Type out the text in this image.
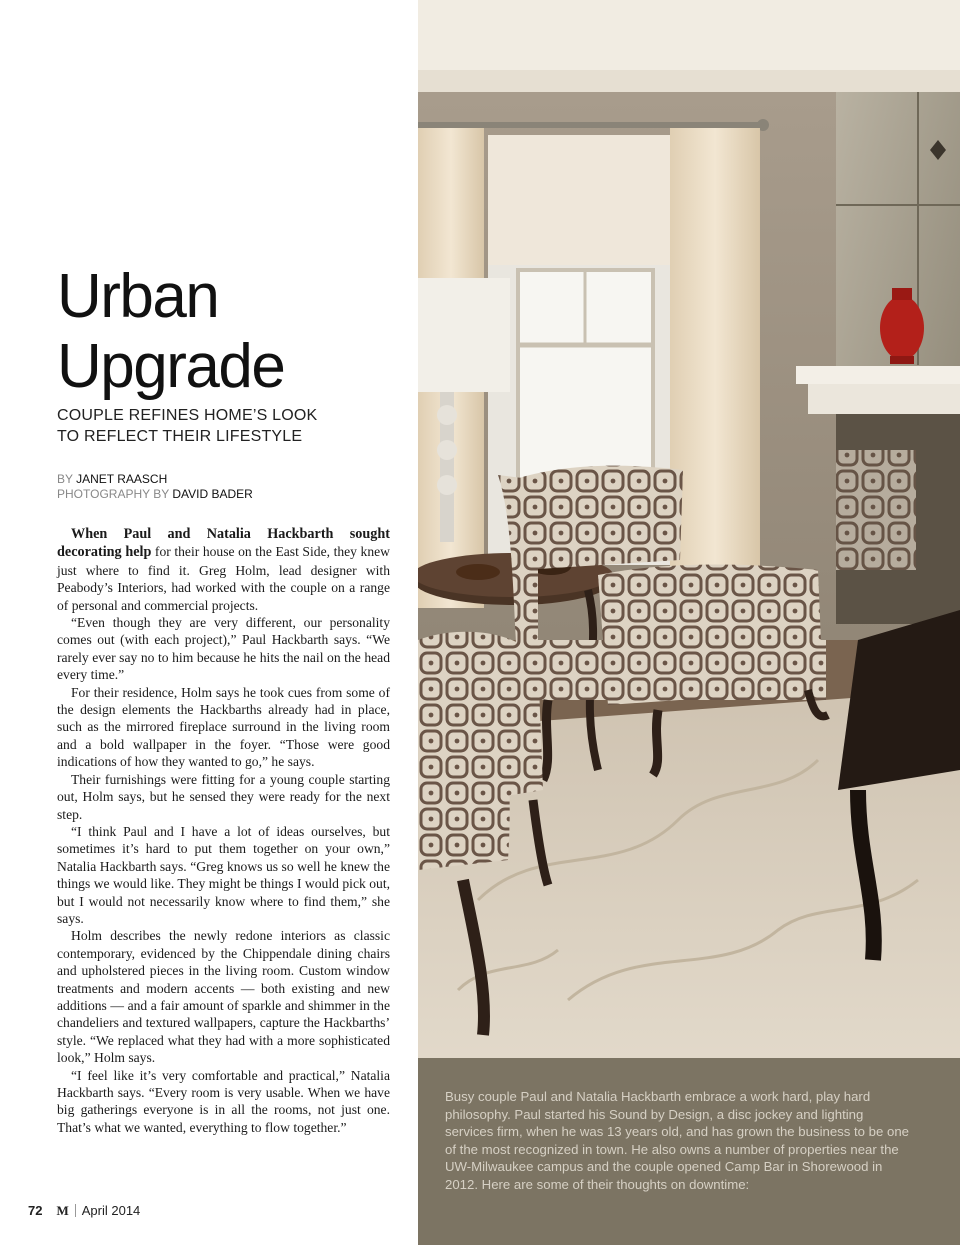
Urban
Upgrade
COUPLE REFINES HOME’S LOOK
TO REFLECT THEIR LIFESTYLE
BY JANET RAASCH
PHOTOGRAPHY BY DAVID BADER

When Paul and Natalia Hackbarth sought decorating help for their house on the East Side, they knew just where to find it. Greg Holm, lead designer with Peabody’s Interiors, had worked with the couple on a range of personal and commercial projects.

“Even though they are very different, our personality comes out (with each project),” Paul Hackbarth says. “We rarely ever say no to him because he hits the nail on the head every time.”

For their residence, Holm says he took cues from some of the design elements the Hackbarths already had in place, such as the mirrored fireplace surround in the living room and a bold wallpaper in the foyer. “Those were good indications of how they wanted to go,” he says.

Their furnishings were fitting for a young couple starting out, Holm says, but he sensed they were ready for the next step.

“I think Paul and I have a lot of ideas ourselves, but sometimes it’s hard to put them together on your own,” Natalia Hackbarth says. “Greg knows us so well he knew the things we would like. They might be things I would pick out, but I would not necessarily know where to find them,” she says.

Holm describes the newly redone interiors as classic contemporary, evidenced by the Chippendale dining chairs and upholstered pieces in the living room. Custom window treatments and modern accents — both existing and new additions — and a fair amount of sparkle and shimmer in the chandeliers and textured wallpapers, capture the Hackbarths’ style. “We replaced what they had with a more sophisticated look,” Holm says.

“I feel like it’s very comfortable and practical,” Natalia Hackbarth says. “Every room is very usable. When we have big gatherings everyone is in all the rooms, not just one. That’s what we wanted, everything to flow together.”

72 M April 2014

Busy couple Paul and Natalia Hackbarth embrace a work hard, play hard philosophy. Paul started his Sound by Design, a disc jockey and lighting services firm, when he was 13 years old, and has grown the business to be one of the most recognized in town. He also owns a number of properties near the UW-Milwaukee campus and the couple opened Camp Bar in Shorewood in 2012. Here are some of their thoughts on downtime:
